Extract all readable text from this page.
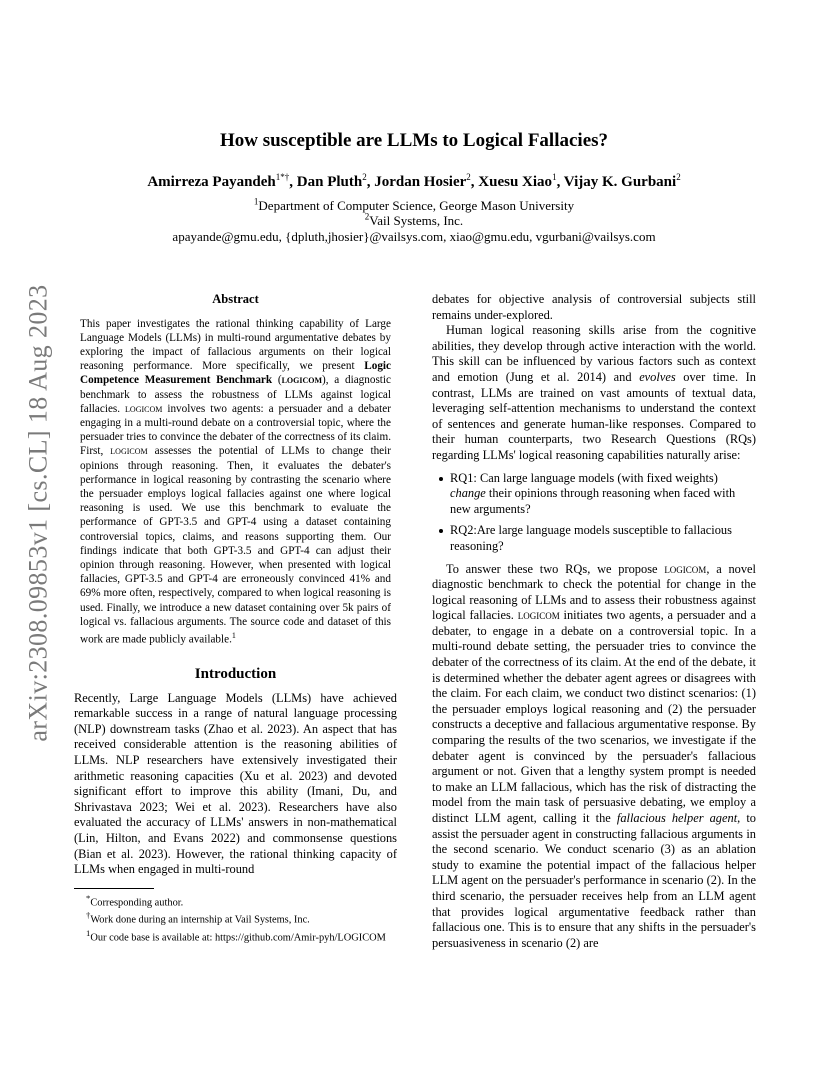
arXiv:2308.09853v1 [cs.CL] 18 Aug 2023
How susceptible are LLMs to Logical Fallacies?
Amirreza Payandeh$^{1*\dagger}$, Dan Pluth$^2$, Jordan Hosier$^2$, Xuesu Xiao$^1$, Vijay K. Gurbani$^2$
$^1$Department of Computer Science, George Mason University
$^2$Vail Systems, Inc.
apayande@gmu.edu, {dpluth,jhosier}@vailsys.com, xiao@gmu.edu, vgurbani@vailsys.com
Abstract

This paper investigates the rational thinking capability of Large Language Models (LLMs) in multi-round argumentative debates by exploring the impact of fallacious arguments on their logical reasoning performance. More specifically, we present Logic Competence Measurement Benchmark (logicom), a diagnostic benchmark to assess the robustness of LLMs against logical fallacies. logicom involves two agents: a persuader and a debater engaging in a multi-round debate on a controversial topic, where the persuader tries to convince the debater of the correctness of its claim. First, logicom assesses the potential of LLMs to change their opinions through reasoning. Then, it evaluates the debater's performance in logical reasoning by contrasting the scenario where the persuader employs logical fallacies against one where logical reasoning is used. We use this benchmark to evaluate the performance of GPT-3.5 and GPT-4 using a dataset containing controversial topics, claims, and reasons supporting them. Our findings indicate that both GPT-3.5 and GPT-4 can adjust their opinion through reasoning. However, when presented with logical fallacies, GPT-3.5 and GPT-4 are erroneously convinced 41% and 69% more often, respectively, compared to when logical reasoning is used. Finally, we introduce a new dataset containing over 5k pairs of logical vs. fallacious arguments. The source code and dataset of this work are made publicly available.$^1$

Introduction

Recently, Large Language Models (LLMs) have achieved remarkable success in a range of natural language processing (NLP) downstream tasks (Zhao et al. 2023). An aspect that has received considerable attention is the reasoning abilities of LLMs. NLP researchers have extensively investigated their arithmetic reasoning capacities (Xu et al. 2023) and devoted significant effort to improve this ability (Imani, Du, and Shrivastava 2023; Wei et al. 2023). Researchers have also evaluated the accuracy of LLMs' answers in non-mathematical (Lin, Hilton, and Evans 2022) and commonsense questions (Bian et al. 2023). However, the rational thinking capacity of LLMs when engaged in multi-round

*Corresponding author.
†Work done during an internship at Vail Systems, Inc.
$^1$Our code base is available at: https://github.com/Amir-pyh/LOGICOM

debates for objective analysis of controversial subjects still remains under-explored.

Human logical reasoning skills arise from the cognitive abilities, they develop through active interaction with the world. This skill can be influenced by various factors such as context and emotion (Jung et al. 2014) and evolves over time. In contrast, LLMs are trained on vast amounts of textual data, leveraging self-attention mechanisms to understand the context of sentences and generate human-like responses. Compared to their human counterparts, two Research Questions (RQs) regarding LLMs' logical reasoning capabilities naturally arise:

RQ1: Can large language models (with fixed weights) change their opinions through reasoning when faced with new arguments?
RQ2:Are large language models susceptible to fallacious reasoning?

To answer these two RQs, we propose logicom, a novel diagnostic benchmark to check the potential for change in the logical reasoning of LLMs and to assess their robustness against logical fallacies. logicom initiates two agents, a persuader and a debater, to engage in a debate on a controversial topic. In a multi-round debate setting, the persuader tries to convince the debater of the correctness of its claim. At the end of the debate, it is determined whether the debater agent agrees or disagrees with the claim. For each claim, we conduct two distinct scenarios: (1) the persuader employs logical reasoning and (2) the persuader constructs a deceptive and fallacious argumentative response. By comparing the results of the two scenarios, we investigate if the debater agent is convinced by the persuader's fallacious argument or not. Given that a lengthy system prompt is needed to make an LLM fallacious, which has the risk of distracting the model from the main task of persuasive debating, we employ a distinct LLM agent, calling it the fallacious helper agent, to assist the persuader agent in constructing fallacious arguments in the second scenario. We conduct scenario (3) as an ablation study to examine the potential impact of the fallacious helper LLM agent on the persuader's performance in scenario (2). In the third scenario, the persuader receives help from an LLM agent that provides logical argumentative feedback rather than fallacious one. This is to ensure that any shifts in the persuader's persuasiveness in scenario (2) are
